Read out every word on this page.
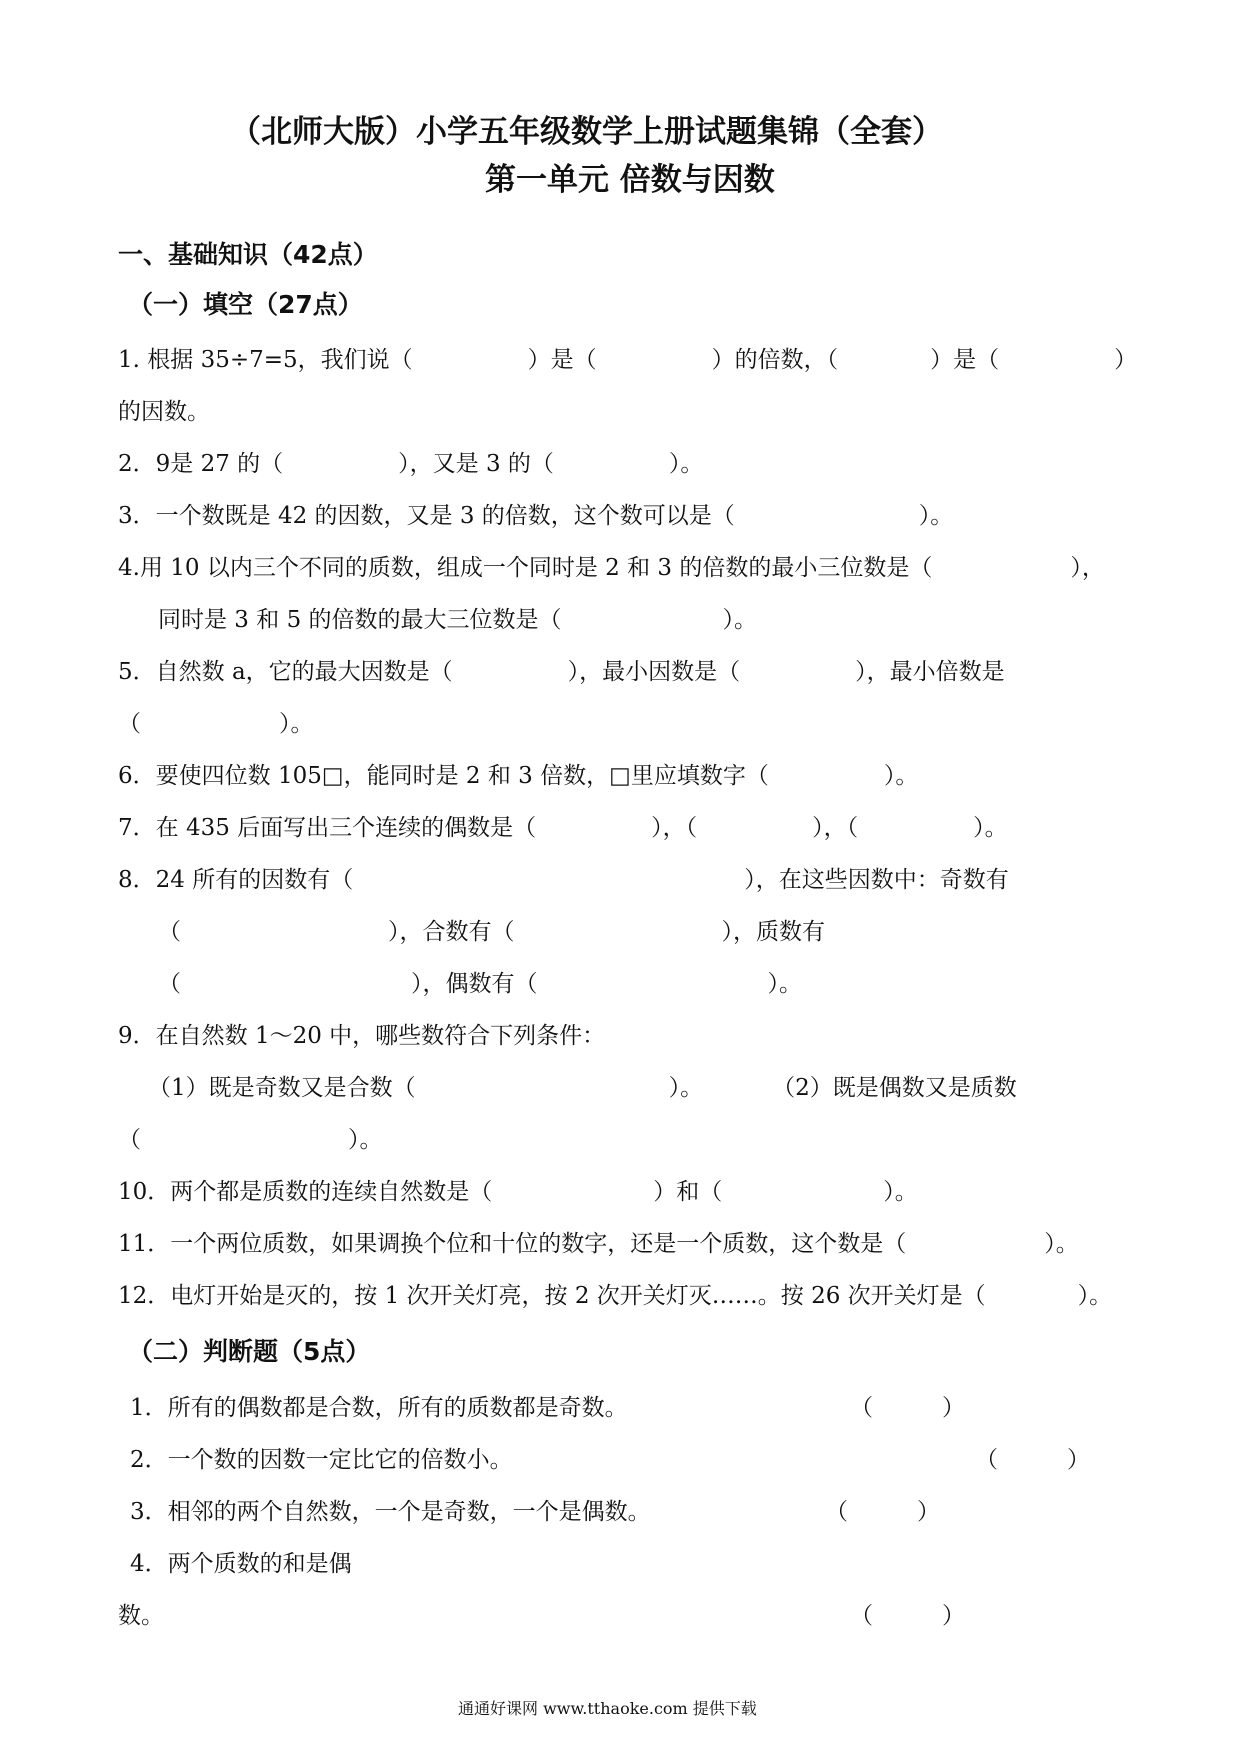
（北师大版）小学五年级数学上册试题集锦（全套）
第一单元 倍数与因数
一、基础知识（42点）
（一）填空（27点）
1. 根据 35÷7=5，我们说（　　　　　）是（　　　　　）的倍数，（　　　　）是（　　　　　）
的因数。
2．9是 27 的（　　　　　），又是 3 的（　　　　　）。
3．一个数既是 42 的因数，又是 3 的倍数，这个数可以是（　　　　　　　　）。
4.用 10 以内三个不同的质数，组成一个同时是 2 和 3 的倍数的最小三位数是（　　　　　　），
同时是 3 和 5 的倍数的最大三位数是（　　　　　　　）。
5．自然数 a，它的最大因数是（　　　　　），最小因数是（　　　　　），最小倍数是
（　　　　　　）。
6．要使四位数 105□，能同时是 2 和 3 倍数，□里应填数字（　　　　　）。
7．在 435 后面写出三个连续的偶数是（　　　　　），（　　　　　），（　　　　　）。
8．24 所有的因数有（　　　　　　　　　　　　　　　　　），在这些因数中：奇数有
（　　　　　　　　　），合数有（　　　　　　　　　），质数有
（　　　　　　　　　　），偶数有（　　　　　　　　　　）。
9．在自然数 1～20 中，哪些数符合下列条件：
（1）既是奇数又是合数（　　　　　　　　　　　）。　　　　（2）既是偶数又是质数
（　　　　　　　　　）。
10．两个都是质数的连续自然数是（　　　　　　　）和（　　　　　　　）。
11．一个两位质数，如果调换个位和十位的数字，还是一个质数，这个数是（　　　　　　）。
12．电灯开始是灭的，按 1 次开关灯亮，按 2 次开关灯灭……。按 26 次开关灯是（　　　　）。
（二）判断题（5点）
1．所有的偶数都是合数，所有的质数都是奇数。	（　　　）
2．一个数的因数一定比它的倍数小。	（　　　）
3．相邻的两个自然数，一个是奇数，一个是偶数。	（　　　）
4．两个质数的和是偶
数。	（　　　）
通通好课网 www.tthaoke.com 提供下载
